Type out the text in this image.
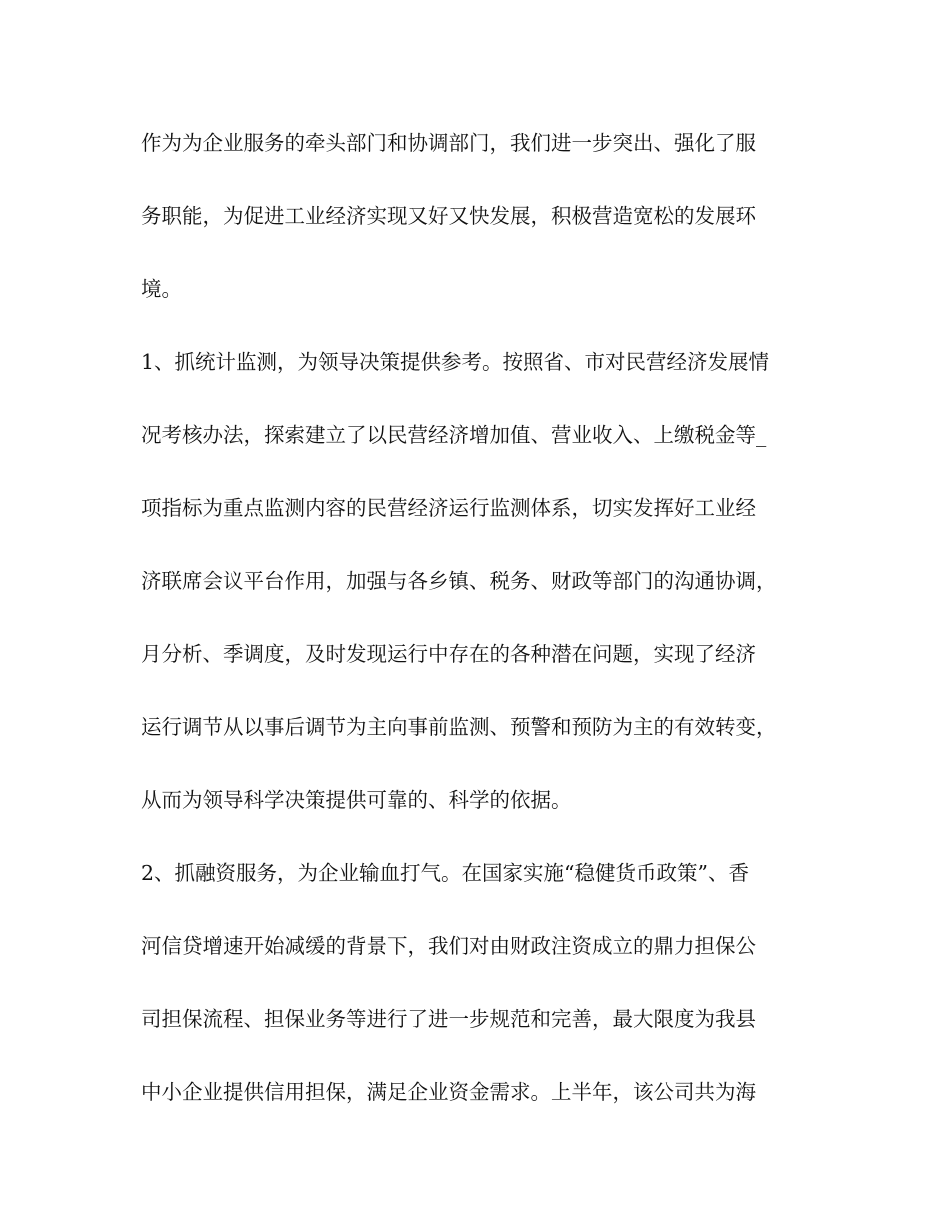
作为为企业服务的牵头部门和协调部门，我们进一步突出、强化了服
务职能，为促进工业经济实现又好又快发展，积极营造宽松的发展环
境。
1、抓统计监测，为领导决策提供参考。按照省、市对民营经济发展情
况考核办法，探索建立了以民营经济增加值、营业收入、上缴税金等_
项指标为重点监测内容的民营经济运行监测体系，切实发挥好工业经
济联席会议平台作用，加强与各乡镇、税务、财政等部门的沟通协调，
月分析、季调度，及时发现运行中存在的各种潜在问题，实现了经济
运行调节从以事后调节为主向事前监测、预警和预防为主的有效转变，
从而为领导科学决策提供可靠的、科学的依据。
2、抓融资服务，为企业输血打气。在国家实施“稳健货币政策”、香
河信贷增速开始减缓的背景下，我们对由财政注资成立的鼎力担保公
司担保流程、担保业务等进行了进一步规范和完善，最大限度为我县
中小企业提供信用担保，满足企业资金需求。上半年，该公司共为海
